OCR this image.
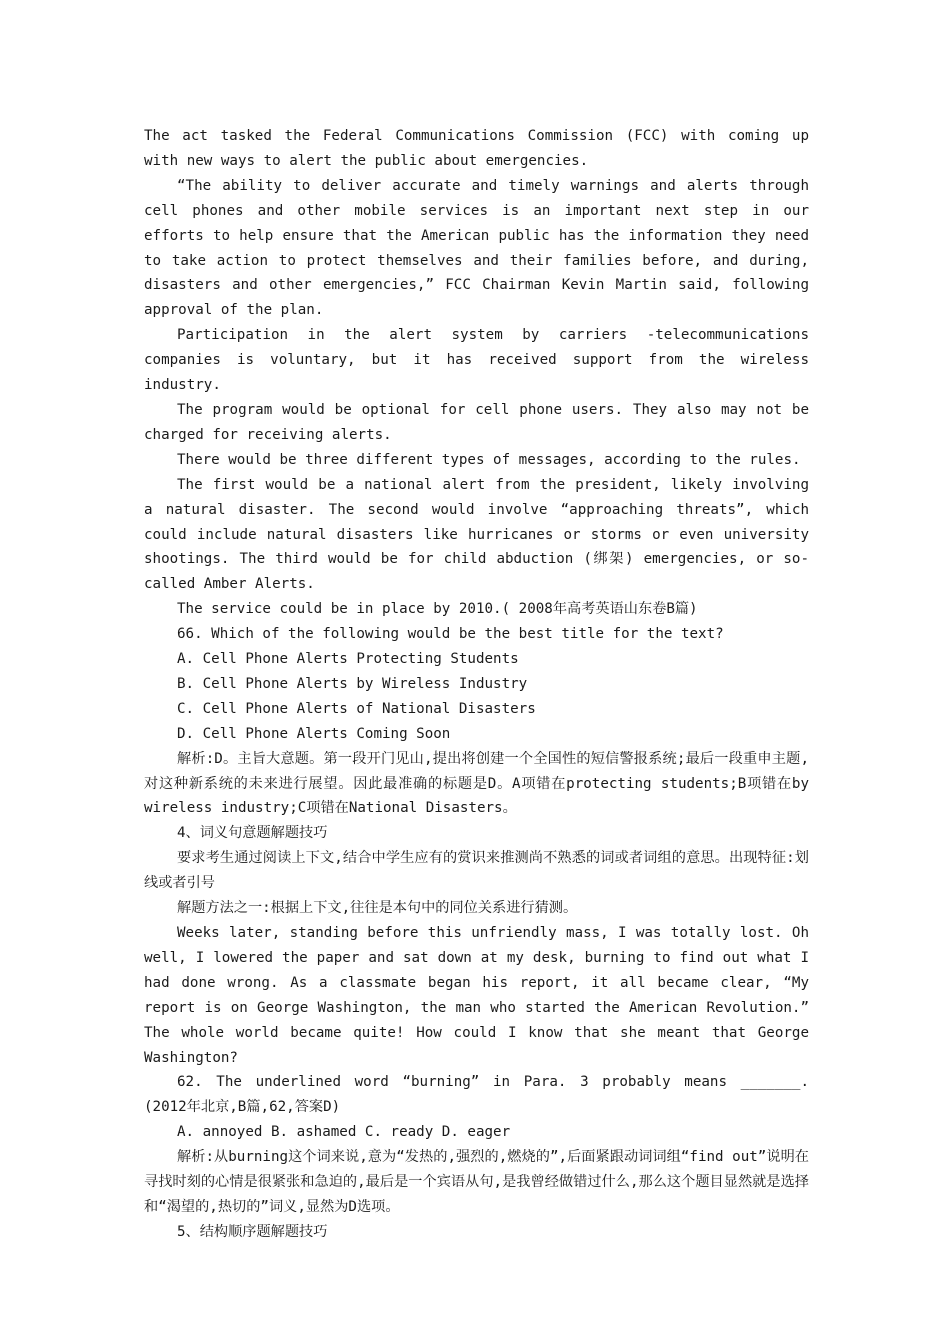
The act tasked the Federal Communications Commission (FCC) with coming up with new ways to alert the public about emergencies.

“The ability to deliver accurate and timely warnings and alerts through cell phones and other mobile services is an important next step in our efforts to help ensure that the American public has the information they need to take action to protect themselves and their families before, and during, disasters and other emergencies,” FCC Chairman Kevin Martin said, following approval of the plan.

Participation in the alert system by carriers -telecommunications companies is voluntary, but it has received support from the wireless industry.

The program would be optional for cell phone users. They also may not be charged for receiving alerts.

There would be three different types of messages, according to the rules.

The first would be a national alert from the president, likely involving a natural disaster. The second would involve “approaching threats”, which could include natural disasters like hurricanes or storms or even university shootings. The third would be for child abduction (绑架) emergencies, or so-called Amber Alerts.

The service could be in place by 2010.( 2008年高考英语山东卷B篇)

66. Which of the following would be the best title for the text?

A. Cell Phone Alerts Protecting Students

B. Cell Phone Alerts by Wireless Industry

C. Cell Phone Alerts of National Disasters

D. Cell Phone Alerts Coming Soon

解析:D。主旨大意题。第一段开门见山,提出将创建一个全国性的短信警报系统;最后一段重申主题,对这种新系统的未来进行展望。因此最准确的标题是D。A项错在protecting students;B项错在by wireless industry;C项错在National Disasters。

4、词义句意题解题技巧

要求考生通过阅读上下文,结合中学生应有的赏识来推测尚不熟悉的词或者词组的意思。出现特征:划线或者引号

解题方法之一:根据上下文,往往是本句中的同位关系进行猜测。

Weeks later, standing before this unfriendly mass, I was totally lost. Oh well, I lowered the paper and sat down at my desk, burning to find out what I had done wrong. As a classmate began his report, it all became clear, “My report is on George Washington, the man who started the American Revolution.” The whole world became quite! How could I know that she meant that George Washington?

62. The underlined word “burning” in Para. 3 probably means _______. (2012年北京,B篇,62,答案D)

A. annoyed B. ashamed C. ready D. eager

解析:从burning这个词来说,意为“发热的,强烈的,燃烧的”,后面紧跟动词词组“find out”说明在寻找时刻的心情是很紧张和急迫的,最后是一个宾语从句,是我曾经做错过什么,那么这个题目显然就是选择和“渴望的,热切的”词义,显然为D选项。

5、结构顺序题解题技巧
